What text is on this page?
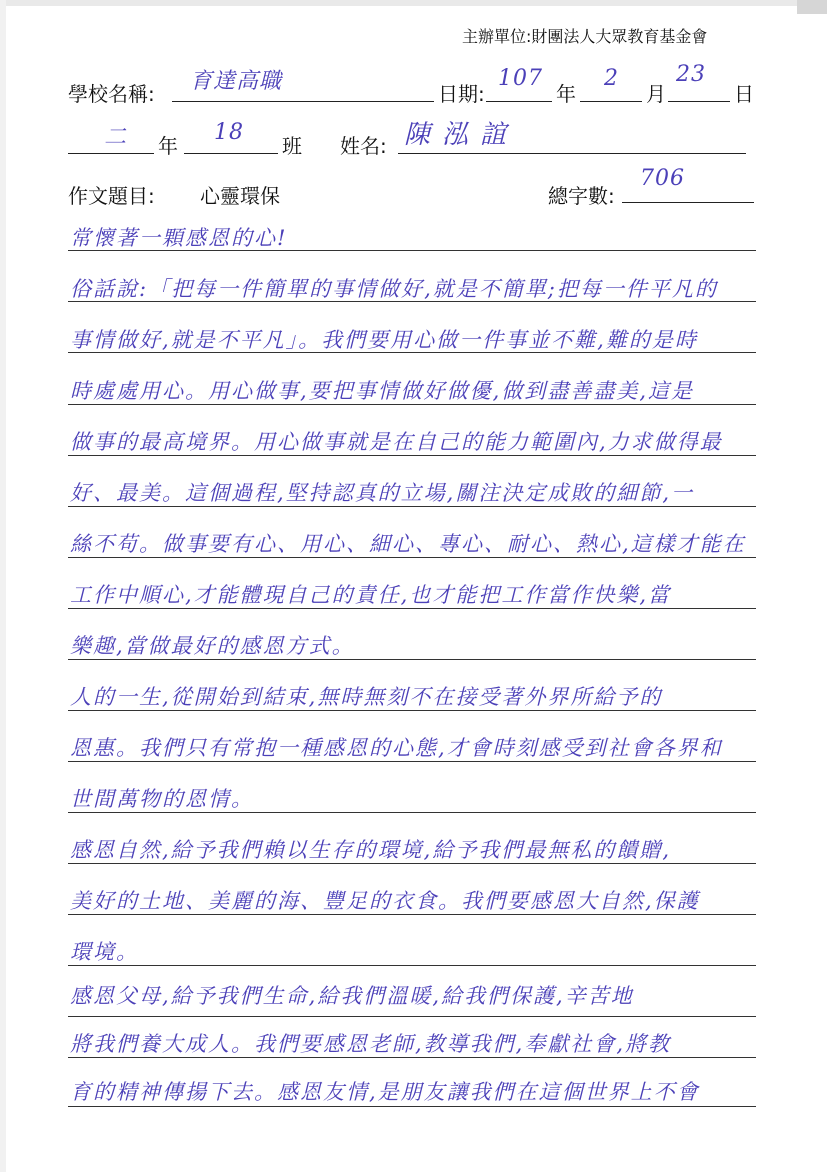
主辦單位:財團法人大眾教育基金會
學校名稱: 育達高職	日期:
107
年
2
月
23
日
二 年
18
班 姓名: 陳泓誼
作文題目: 心靈環保	總字數:
706
常懷著一顆感恩的心!
俗話說:「把每一件簡單的事情做好,就是不簡單;把每一件平凡的
事情做好,就是不平凡」。我們要用心做一件事並不難,難的是時
時處處用心。用心做事,要把事情做好做優,做到盡善盡美,這是
做事的最高境界。用心做事就是在自己的能力範圍內,力求做得最
好、最美。這個過程,堅持認真的立場,關注決定成敗的細節,一
絲不苟。做事要有心、用心、細心、專心、耐心、熱心,這樣才能在
工作中順心,才能體現自己的責任,也才能把工作當作快樂,當
樂趣,當做最好的感恩方式。
人的一生,從開始到結束,無時無刻不在接受著外界所給予的
恩惠。我們只有常抱一種感恩的心態,才會時刻感受到社會各界和
世間萬物的恩情。
感恩自然,給予我們賴以生存的環境,給予我們最無私的饋贈,
美好的土地、美麗的海、豐足的衣食。我們要感恩大自然,保護
環境。
感恩父母,給予我們生命,給我們溫暖,給我們保護,辛苦地
將我們養大成人。我們要感恩老師,教導我們,奉獻社會,將教
育的精神傳揚下去。感恩友情,是朋友讓我們在這個世界上不會
